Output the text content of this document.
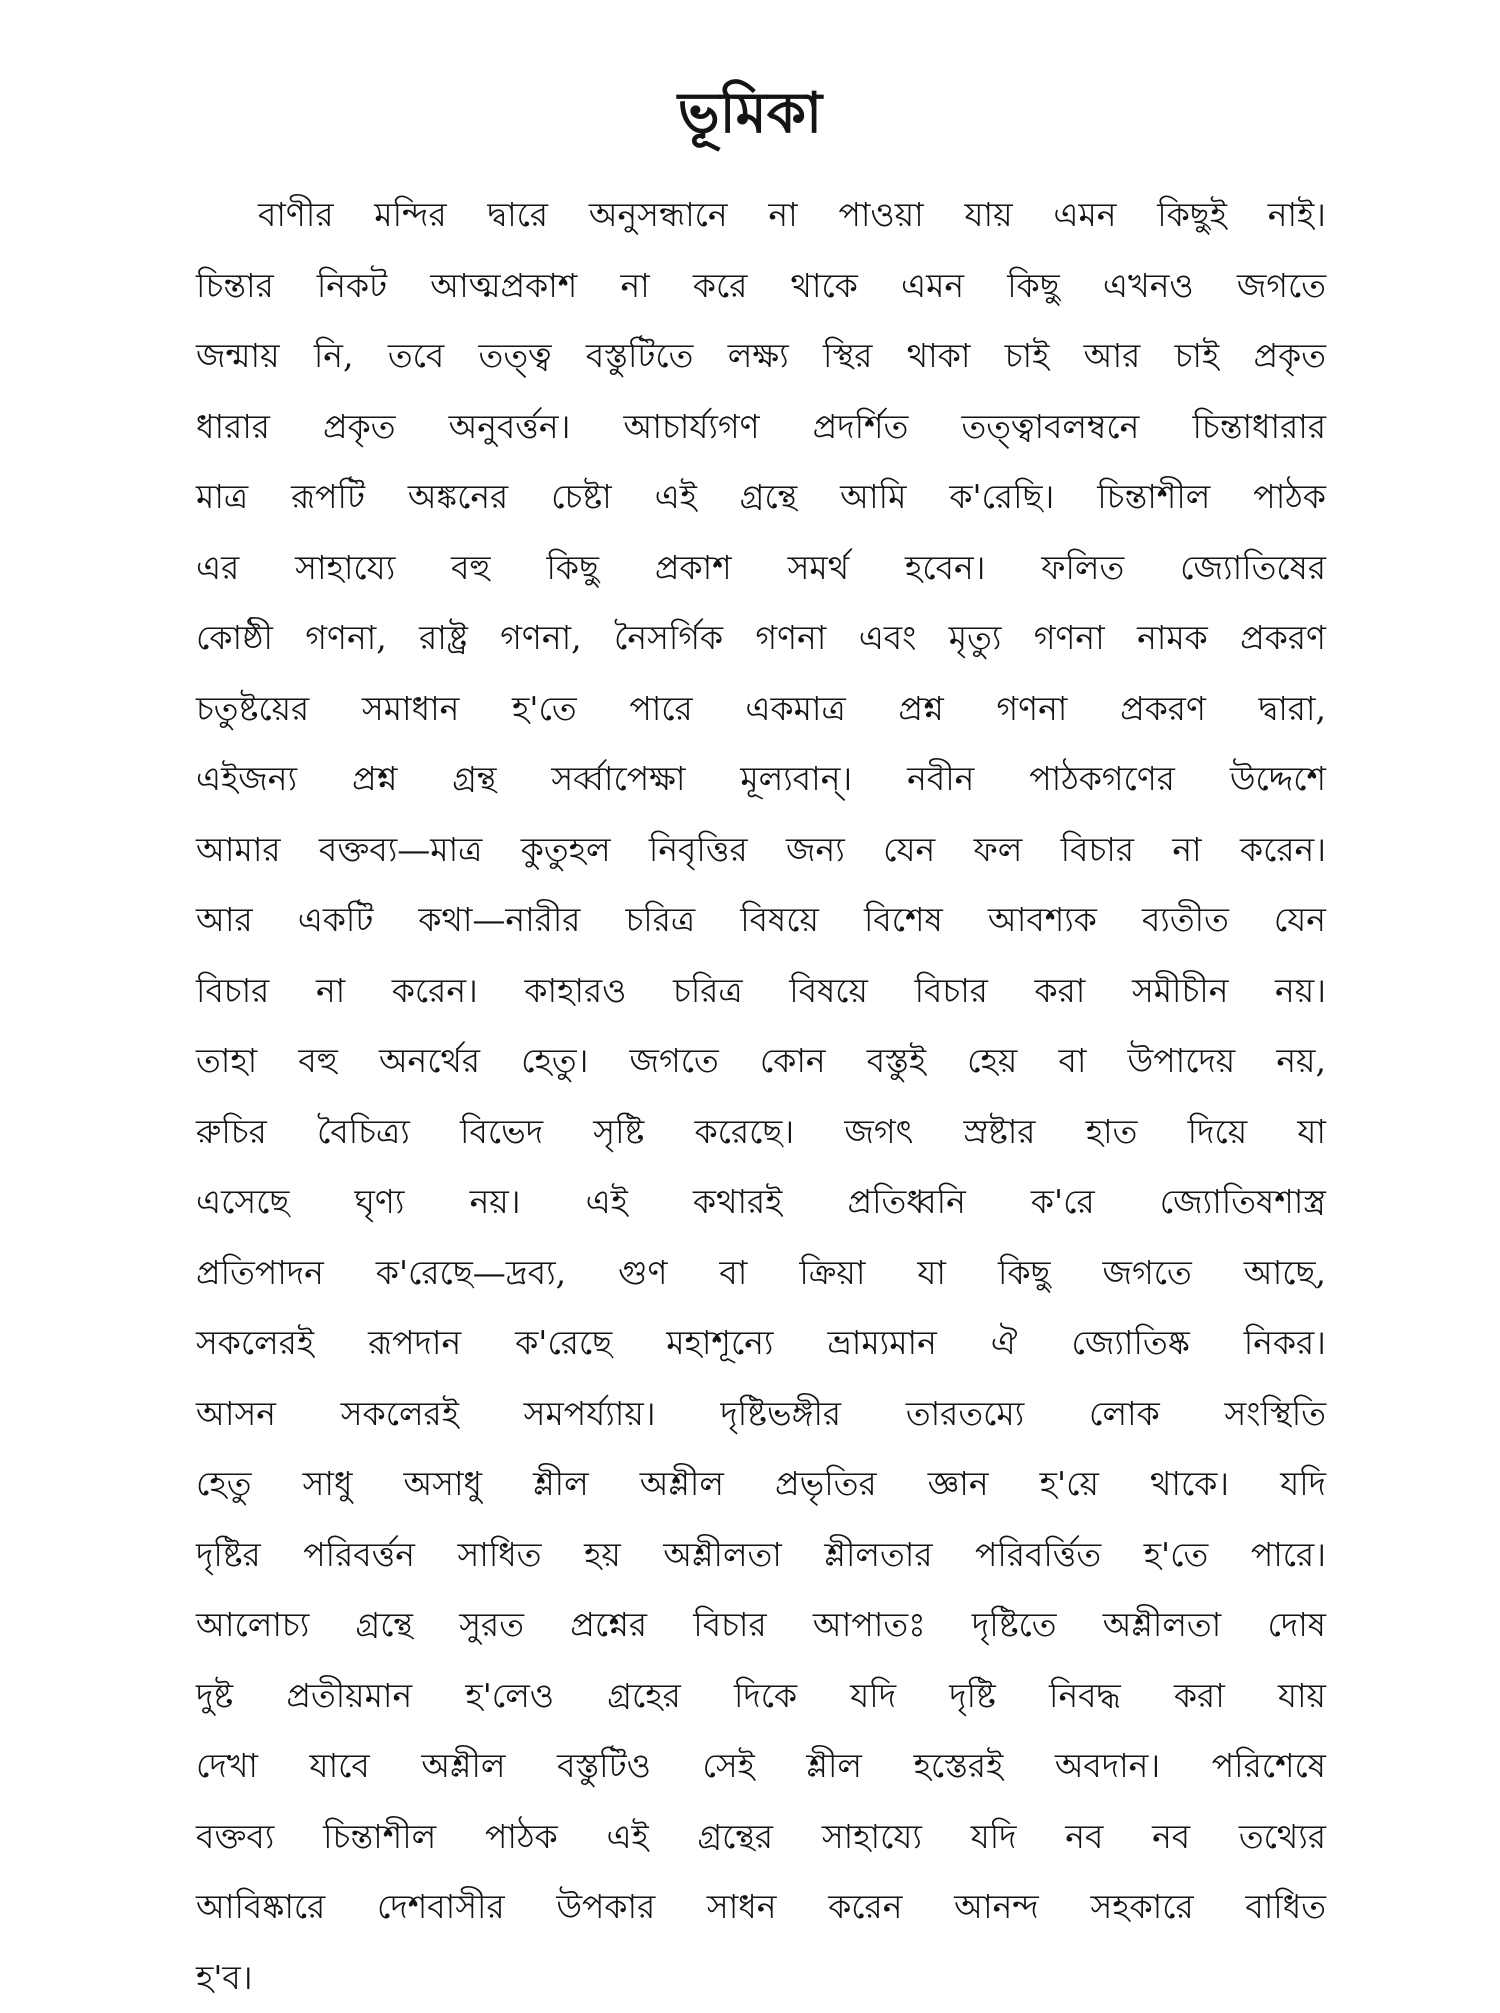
ভূমিকা
বাণীর মন্দির দ্বারে অনুসন্ধানে না পাওয়া যায় এমন কিছুই নাই।
চিন্তার নিকট আত্মপ্রকাশ না করে থাকে এমন কিছু এখনও জগতে
জন্মায় নি, তবে তত্ত্ব বস্তুটিতে লক্ষ্য স্থির থাকা চাই আর চাই প্রকৃত
ধারার প্রকৃত অনুবর্ত্তন। আচার্য্যগণ প্রদর্শিত তত্ত্বাবলম্বনে চিন্তাধারার
মাত্র রূপটি অঙ্কনের চেষ্টা এই গ্রন্থে আমি ক'রেছি। চিন্তাশীল পাঠক
এর সাহায্যে বহু কিছু প্রকাশ সমর্থ হবেন। ফলিত জ্যোতিষের
কোষ্ঠী গণনা, রাষ্ট্র গণনা, নৈসর্গিক গণনা এবং মৃত্যু গণনা নামক প্রকরণ
চতুষ্টয়ের সমাধান হ'তে পারে একমাত্র প্রশ্ন গণনা প্রকরণ দ্বারা,
এইজন্য প্রশ্ন গ্রন্থ সর্ব্বাপেক্ষা মূল্যবান্। নবীন পাঠকগণের উদ্দেশে
আমার বক্তব্য—মাত্র কুতুহল নিবৃত্তির জন্য যেন ফল বিচার না করেন।
আর একটি কথা—নারীর চরিত্র বিষয়ে বিশেষ আবশ্যক ব্যতীত যেন
বিচার না করেন। কাহারও চরিত্র বিষয়ে বিচার করা সমীচীন নয়।
তাহা বহু অনর্থের হেতু। জগতে কোন বস্তুই হেয় বা উপাদেয় নয়,
রুচির বৈচিত্র্য বিভেদ সৃষ্টি করেছে। জগৎ স্রষ্টার হাত দিয়ে যা
এসেছে ঘৃণ্য নয়। এই কথারই প্রতিধ্বনি ক'রে জ্যোতিষশাস্ত্র
প্রতিপাদন ক'রেছে—দ্রব্য, গুণ বা ক্রিয়া যা কিছু জগতে আছে,
সকলেরই রূপদান ক'রেছে মহাশূন্যে ভ্রাম্যমান ঐ জ্যোতিষ্ক নিকর।
আসন সকলেরই সমপর্য্যায়। দৃষ্টিভঙ্গীর তারতম্যে লোক সংস্থিতি
হেতু সাধু অসাধু শ্লীল অশ্লীল প্রভৃতির জ্ঞান হ'য়ে থাকে। যদি
দৃষ্টির পরিবর্ত্তন সাধিত হয় অশ্লীলতা শ্লীলতার পরিবর্ত্তিত হ'তে পারে।
আলোচ্য গ্রন্থে সুরত প্রশ্নের বিচার আপাতঃ দৃষ্টিতে অশ্লীলতা দোষ
দুষ্ট প্রতীয়মান হ'লেও গ্রহের দিকে যদি দৃষ্টি নিবদ্ধ করা যায়
দেখা যাবে অশ্লীল বস্তুটিও সেই শ্লীল হস্তেরই অবদান। পরিশেষে
বক্তব্য চিন্তাশীল পাঠক এই গ্রন্থের সাহায্যে যদি নব নব তথ্যের
আবিষ্কারে দেশবাসীর উপকার সাধন করেন আনন্দ সহকারে বাধিত
হ'ব।
